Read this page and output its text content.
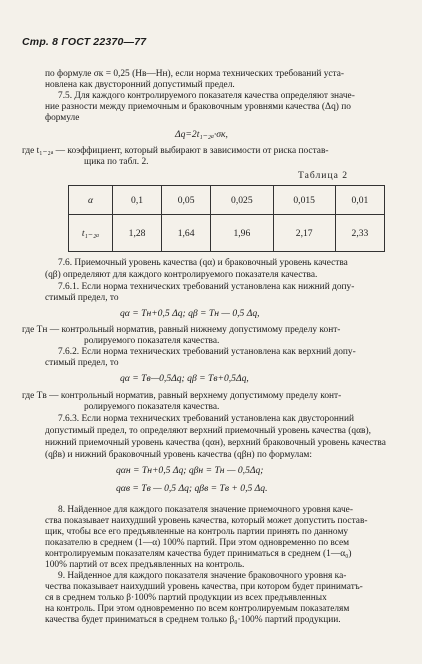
Стр. 8 ГОСТ 22370—77
по формуле σк = 0,25 (Hв—Hн), если норма технических требований уста-
новлена как двусторонний допустимый предел.
7.5. Для каждого контролируемого показателя качества определяют значе-
ние разности между приемочным и браковочным уровнями качества (Δq) по
формуле
Δq=2t₁₋₂ₐ·σк,
где t₁₋₂ₐ — коэффициент, который выбирают в зависимости от риска постав-
щика по табл. 2.
Таблица 2
α	0,1	0,05	0,025	0,015	0,01
t₁₋₂ₐ	1,28	1,64	1,96	2,17	2,33
7.6. Приемочный уровень качества (qα) и браковочный уровень качества
(qβ) определяют для каждого контролируемого показателя качества.
7.6.1. Если норма технических требований установлена как нижний допу-
стимый предел, то
qα = Tн+0,5 Δq; qβ = Tн — 0,5 Δq,
где Tн — контрольный норматив, равный нижнему допустимому пределу конт-
ролируемого показателя качества.
7.6.2. Если норма технических требований установлена как верхний допу-
стимый предел, то
qα = Tв—0,5Δq; qβ = Tв+0,5Δq,
где Tв — контрольный норматив, равный верхнему допустимому пределу конт-
ролируемого показателя качества.
7.6.3. Если норма технических требований установлена как двусторонний
допустимый предел, то определяют верхний приемочный уровень качества (qαв),
нижний приемочный уровень качества (qαн), верхний браковочный уровень качества
(qβв) и нижний браковочный уровень качества (qβн) по формулам:
qαн = Tн+0,5 Δq; qβн = Tн — 0,5Δq;
qαв = Tв — 0,5 Δq; qβв = Tв + 0,5 Δq.
8. Найденное для каждого показателя значение приемочного уровня каче-
ства показывает наихудший уровень качества, который может допустить постав-
щик, чтобы все его предъявленные на контроль партии принять по данному
показателю в среднем (1—α) 100% партий. При этом одновременно по всем
контролируемым показателям качества будет приниматься в среднем (1—α₀)
100% партий от всех предъявленных на контроль.
9. Найденное для каждого показателя значение браковочного уровня ка-
чества показывает наихудший уровень качества, при котором будет приниматъ-
ся в среднем только β·100% партий продукции из всех предъявленных
на контроль. При этом одновременно по всем контролируемым показателям
качества будет приниматься в среднем только β₀·100% партий продукции.
